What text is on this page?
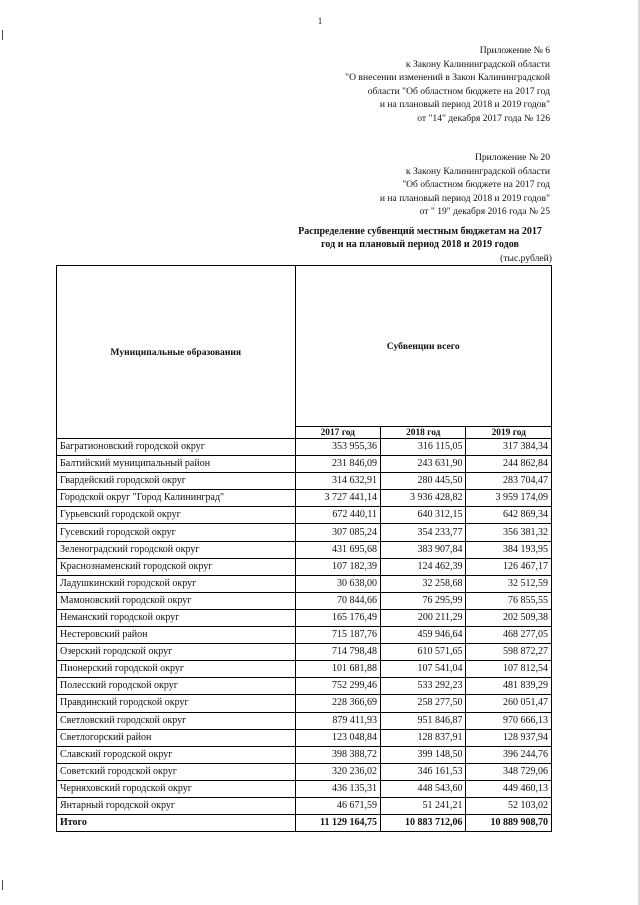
1
Приложение № 6
к Закону Калининградской области
"О внесении изменений в Закон Калининградской
области "Об областном бюджете на 2017 год
и на плановый период 2018 и 2019 годов"
от "14" декабря 2017 года № 126
Приложение № 20
к Закону Калининградской области
"Об областном бюджете на 2017 год
и на плановый период 2018 и 2019 годов"
от " 19" декабря 2016 года № 25
Распределение субвенций местным бюджетам на 2017
год и на плановый период 2018 и 2019 годов
(тыс.рублей)
Муниципальные образования	Субвенции всего		
	2017 год	2018 год	2019 год
Багратионовский городской округ	353 955,36	316 115,05	317 384,34
Балтийский муниципальный район	231 846,09	243 631,90	244 862,84
Гвардейский городской округ	314 632,91	280 445,50	283 704,47
Городской округ "Город Калининград"	3 727 441,14	3 936 428,82	3 959 174,09
Гурьевский городской округ	672 440,11	640 312,15	642 869,34
Гусевский городской округ	307 085,24	354 233,77	356 381,32
Зеленоградский городской округ	431 695,68	383 907,84	384 193,95
Краснознаменский городской округ	107 182,39	124 462,39	126 467,17
Ладушкинский городской округ	30 638,00	32 258,68	32 512,59
Мамоновский городской округ	70 844,66	76 295,99	76 855,55
Неманский городской округ	165 176,49	200 211,29	202 509,38
Нестеровский район	715 187,76	459 946,64	468 277,05
Озерский городской округ	714 798,48	610 571,65	598 872,27
Пионерский городской округ	101 681,88	107 541,04	107 812,54
Полесский городской округ	752 299,46	533 292,23	481 839,29
Правдинский городской округ	228 366,69	258 277,50	260 051,47
Светловский городской округ	879 411,93	951 846,87	970 666,13
Светлогорский район	123 048,84	128 837,91	128 937,94
Славский городской округ	398 388,72	399 148,50	396 244,76
Советский городской округ	320 236,02	346 161,53	348 729,06
Черняховский городской округ	436 135,31	448 543,60	449 460,13
Янтарный городской округ	46 671,59	51 241,21	52 103,02
Итого	11 129 164,75	10 883 712,06	10 889 908,70
